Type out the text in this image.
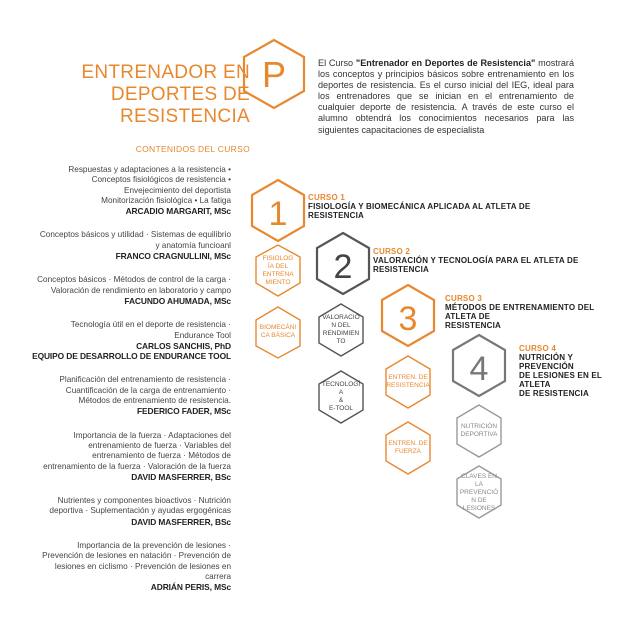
ENTRENADOR EN
DEPORTES DE
RESISTENCIA
CONTENIDOS DEL CURSO
Respuestas y adaptaciones a la resistencia •
Conceptos fisiológicos de resistencia •
Envejecimiento del deportista
Monitorización fisiológica • La fatiga
ARCADIO MARGARIT, MSc
Conceptos básicos y utilidad · Sistemas de equilibrio
y anatomía funcioanl
FRANCO CRAGNULLINI, MSc
Conceptos básicos · Métodos de control de la carga ·
Valoración de rendimiento en laboratorio y campo
FACUNDO AHUMADA, MSc
Tecnología útil en el deporte de resistencia ·
Endurance Tool
CARLOS SANCHIS, PhD
EQUIPO DE DESARROLLO DE ENDURANCE TOOL
Planificación del entrenamiento de resistencia ·
Cuantificación de la carga de entrenamiento ·
Métodos de entrenamiento de resistencia.
FEDERICO FADER, MSc
Importancia de la fuerza · Adaptaciones del
entrenamiento de fuerza · Variables del
entrenamiento de fuerza · Métodos de
entrenamiento de la fuerza · Valoración de la fuerza
DAVID MASFERRER, BSc
Nutrientes y componentes bioactivos · Nutrición
deportiva · Suplementación y ayudas ergogénicas
DAVID MASFERRER, BSc
Importancia de la prevención de lesiones ·
Prevención de lesiones en natación · Prevención de
lesiones en ciclismo · Prevención de lesiones en
carrera
ADRIÁN PERIS, MSc
El Curso "Entrenador en Deportes de Resistencia" mostrará los conceptos y principios básicos sobre entrenamiento en los deportes de resistencia. Es el curso inicial del IEG, ideal para los entrenadores que se inician en el entrenamiento de cualquier deporte de resistencia. A través de este curso el alumno obtendrá los conocimientos necesarios para las siguientes capacitaciones de especialista
P
1
2
3
4
CURSO 1
FISIOLOGÍA Y BIOMECÁNICA APLICADA AL ATLETA DE RESISTENCIA
CURSO 2
VALORACIÓN Y TECNOLOGÍA PARA EL ATLETA DE RESISTENCIA
CURSO 3
MÉTODOS DE ENTRENAMIENTO DEL ATLETA DE
RESISTENCIA
CURSO 4
NUTRICIÓN Y PREVENCIÓN
DE LESIONES EN EL ATLETA
DE RESISTENCIA
FISIOLOG
ÍA DEL
ENTRENA
MIENTO
BIOMECÁNI
CA BÁSICA
VALORACIÓ
N DEL
RENDIMIEN
TO
TECNOLOGÍ
A
&
E-TOOL
ENTREN. DE
RESISTENCIA
ENTREN. DE
FUERZA
NUTRICIÓN
DEPORTIVA
CLAVES EN
LA
PREVENCIÓ
N DE
LESIONES
